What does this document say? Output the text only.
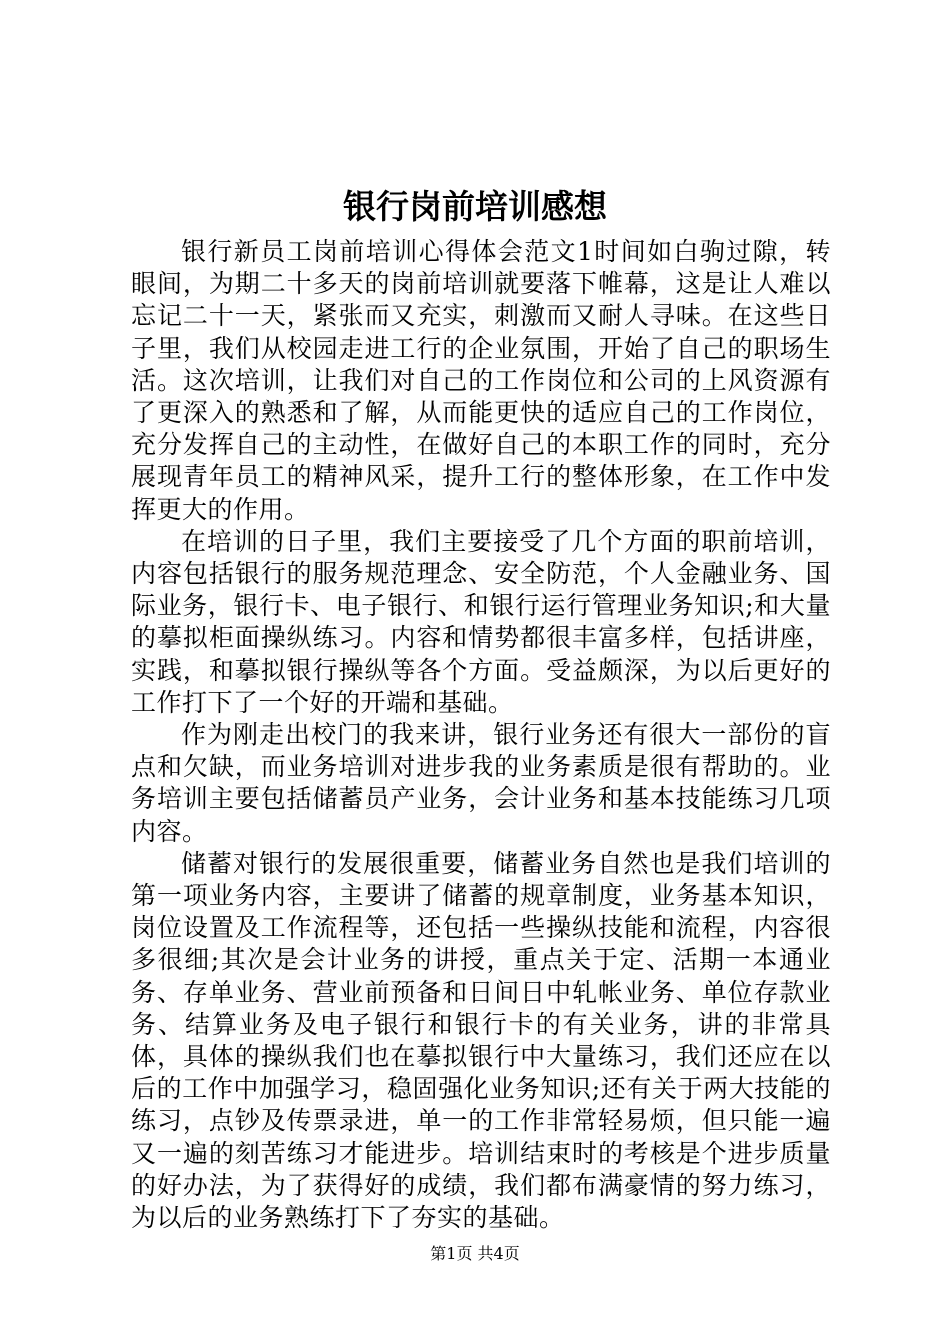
银行岗前培训感想

银行新员工岗前培训心得体会范文1时间如白驹过隙，转眼间，为期二十多天的岗前培训就要落下帷幕，这是让人难以忘记二十一天，紧张而又充实，刺激而又耐人寻味。在这些日子里，我们从校园走进工行的企业氛围，开始了自己的职场生活。这次培训，让我们对自己的工作岗位和公司的上风资源有了更深入的熟悉和了解，从而能更快的适应自己的工作岗位，充分发挥自己的主动性，在做好自己的本职工作的同时，充分展现青年员工的精神风采，提升工行的整体形象，在工作中发挥更大的作用。

在培训的日子里，我们主要接受了几个方面的职前培训，内容包括银行的服务规范理念、安全防范，个人金融业务、国际业务，银行卡、电子银行、和银行运行管理业务知识;和大量的摹拟柜面操纵练习。内容和情势都很丰富多样，包括讲座，实践，和摹拟银行操纵等各个方面。受益颇深，为以后更好的工作打下了一个好的开端和基础。

作为刚走出校门的我来讲，银行业务还有很大一部份的盲点和欠缺，而业务培训对进步我的业务素质是很有帮助的。业务培训主要包括储蓄员产业务，会计业务和基本技能练习几项内容。

储蓄对银行的发展很重要，储蓄业务自然也是我们培训的第一项业务内容，主要讲了储蓄的规章制度，业务基本知识，岗位设置及工作流程等，还包括一些操纵技能和流程，内容很多很细;其次是会计业务的讲授，重点关于定、活期一本通业务、存单业务、营业前预备和日间日中轧帐业务、单位存款业务、结算业务及电子银行和银行卡的有关业务，讲的非常具体，具体的操纵我们也在摹拟银行中大量练习，我们还应在以后的工作中加强学习，稳固强化业务知识;还有关于两大技能的练习，点钞及传票录进，单一的工作非常轻易烦，但只能一遍又一遍的刻苦练习才能进步。培训结束时的考核是个进步质量的好办法，为了获得好的成绩，我们都布满豪情的努力练习，为以后的业务熟练打下了夯实的基础。

第1页 共4页
